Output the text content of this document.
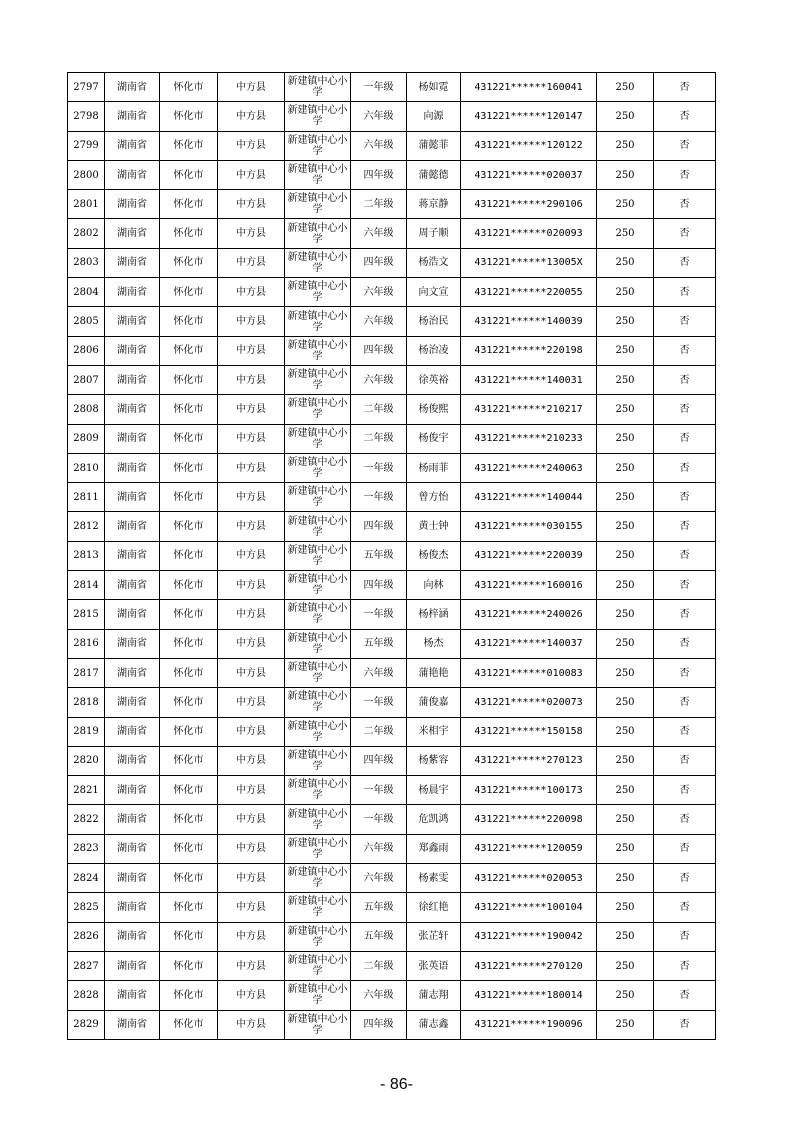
2797	湖南省	怀化市	中方县	新建镇中心小学	一年级	杨如霓	431221******160041	250	否
2798	湖南省	怀化市	中方县	新建镇中心小学	六年级	向源	431221******120147	250	否
2799	湖南省	怀化市	中方县	新建镇中心小学	六年级	蒲懿菲	431221******120122	250	否
2800	湖南省	怀化市	中方县	新建镇中心小学	四年级	蒲懿德	431221******020037	250	否
2801	湖南省	怀化市	中方县	新建镇中心小学	二年级	蒋京静	431221******290106	250	否
2802	湖南省	怀化市	中方县	新建镇中心小学	六年级	周子顺	431221******020093	250	否
2803	湖南省	怀化市	中方县	新建镇中心小学	四年级	杨浩文	431221******13005X	250	否
2804	湖南省	怀化市	中方县	新建镇中心小学	六年级	向文宣	431221******220055	250	否
2805	湖南省	怀化市	中方县	新建镇中心小学	六年级	杨治民	431221******140039	250	否
2806	湖南省	怀化市	中方县	新建镇中心小学	四年级	杨治凌	431221******220198	250	否
2807	湖南省	怀化市	中方县	新建镇中心小学	六年级	徐英裕	431221******140031	250	否
2808	湖南省	怀化市	中方县	新建镇中心小学	二年级	杨俊熙	431221******210217	250	否
2809	湖南省	怀化市	中方县	新建镇中心小学	二年级	杨俊宇	431221******210233	250	否
2810	湖南省	怀化市	中方县	新建镇中心小学	一年级	杨雨菲	431221******240063	250	否
2811	湖南省	怀化市	中方县	新建镇中心小学	一年级	曾方怡	431221******140044	250	否
2812	湖南省	怀化市	中方县	新建镇中心小学	四年级	黄士钟	431221******030155	250	否
2813	湖南省	怀化市	中方县	新建镇中心小学	五年级	杨俊杰	431221******220039	250	否
2814	湖南省	怀化市	中方县	新建镇中心小学	四年级	向林	431221******160016	250	否
2815	湖南省	怀化市	中方县	新建镇中心小学	一年级	杨梓涵	431221******240026	250	否
2816	湖南省	怀化市	中方县	新建镇中心小学	五年级	杨杰	431221******140037	250	否
2817	湖南省	怀化市	中方县	新建镇中心小学	六年级	蒲艳艳	431221******010083	250	否
2818	湖南省	怀化市	中方县	新建镇中心小学	一年级	蒲俊嘉	431221******020073	250	否
2819	湖南省	怀化市	中方县	新建镇中心小学	二年级	米相宇	431221******150158	250	否
2820	湖南省	怀化市	中方县	新建镇中心小学	四年级	杨紫容	431221******270123	250	否
2821	湖南省	怀化市	中方县	新建镇中心小学	一年级	杨晨宇	431221******100173	250	否
2822	湖南省	怀化市	中方县	新建镇中心小学	一年级	危凯鸿	431221******220098	250	否
2823	湖南省	怀化市	中方县	新建镇中心小学	六年级	郑鑫雨	431221******120059	250	否
2824	湖南省	怀化市	中方县	新建镇中心小学	六年级	杨素雯	431221******020053	250	否
2825	湖南省	怀化市	中方县	新建镇中心小学	五年级	徐红艳	431221******100104	250	否
2826	湖南省	怀化市	中方县	新建镇中心小学	五年级	张芷轩	431221******190042	250	否
2827	湖南省	怀化市	中方县	新建镇中心小学	二年级	张英语	431221******270120	250	否
2828	湖南省	怀化市	中方县	新建镇中心小学	六年级	蒲志翔	431221******180014	250	否
2829	湖南省	怀化市	中方县	新建镇中心小学	四年级	蒲志鑫	431221******190096	250	否
- 86-
